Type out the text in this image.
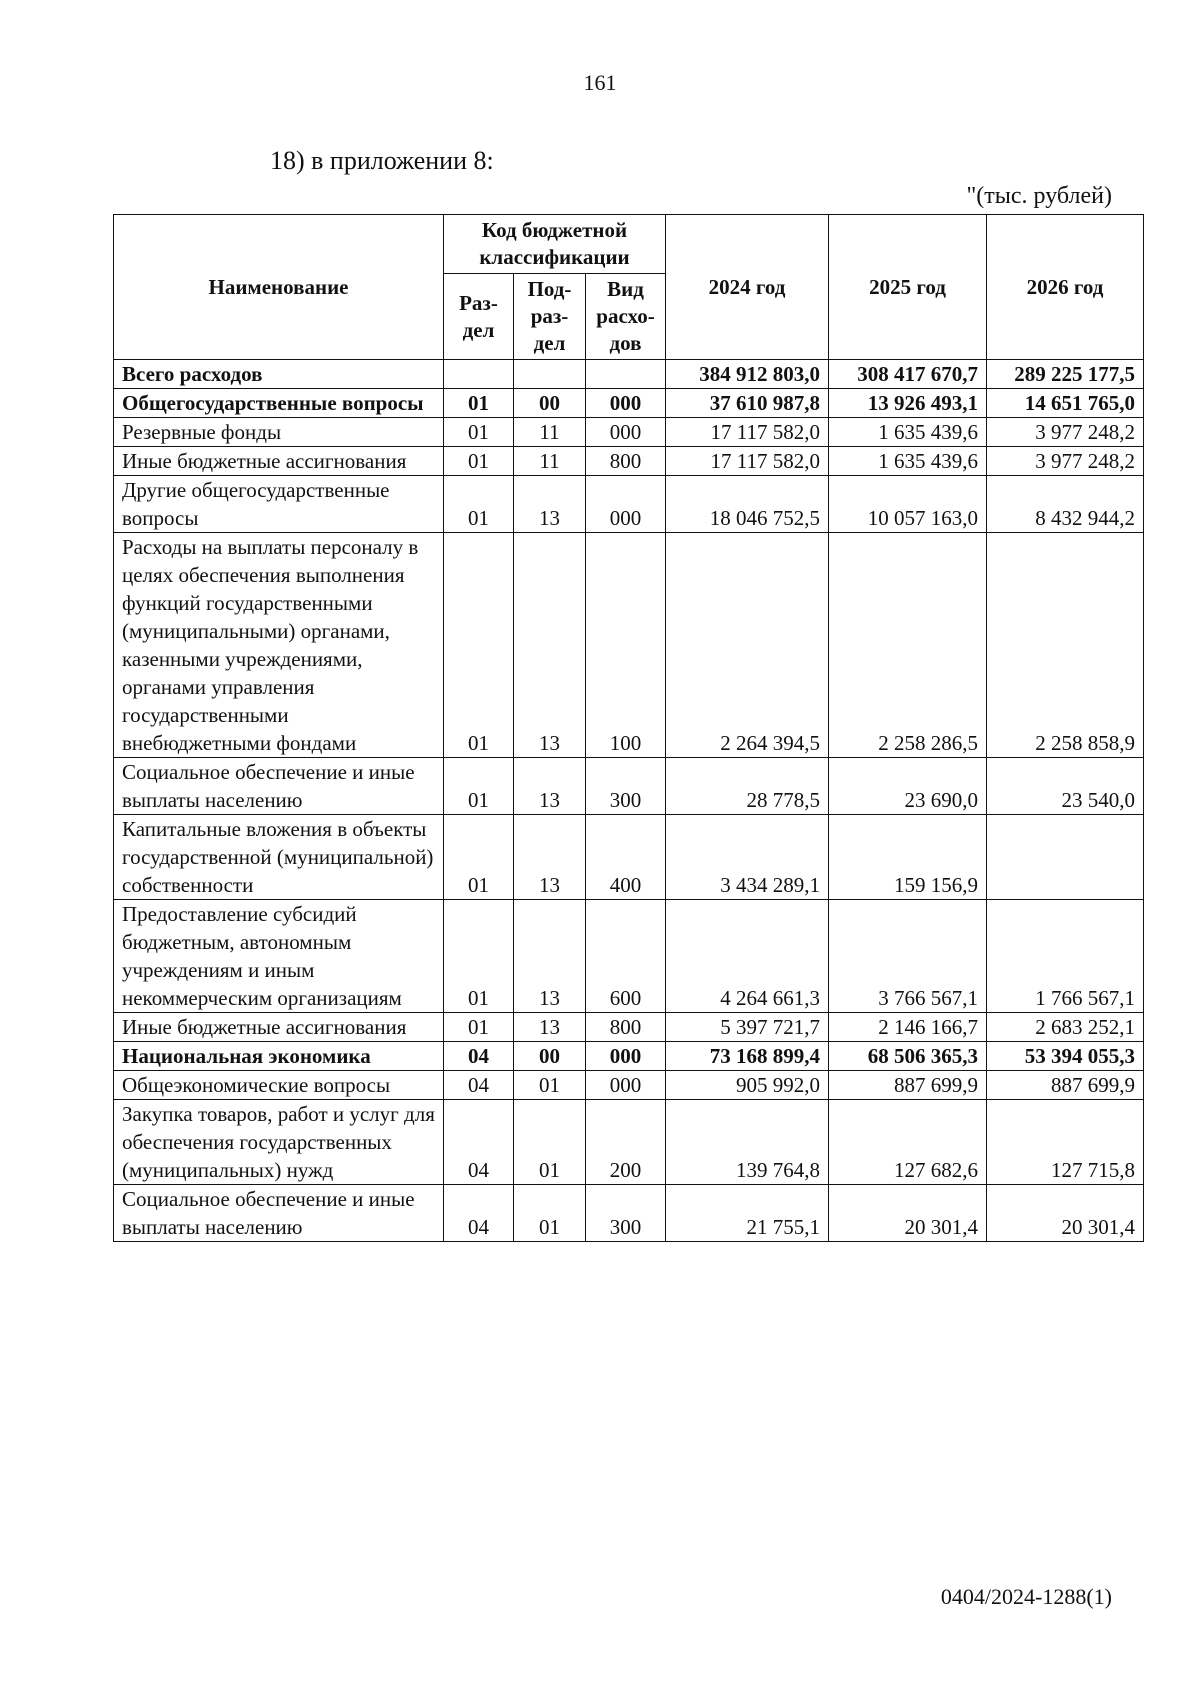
161
18) в приложении 8:
"(тыс. рублей)
Наименование	Код бюджетной классификации			2024 год	2025 год	2026 год
	Раз-дел	Под-раз-дел	Вид расхо-дов			
Всего расходов				384 912 803,0	308 417 670,7	289 225 177,5
Общегосударственные вопросы	01	00	000	37 610 987,8	13 926 493,1	14 651 765,0
Резервные фонды	01	11	000	17 117 582,0	1 635 439,6	3 977 248,2
Иные бюджетные ассигнования	01	11	800	17 117 582,0	1 635 439,6	3 977 248,2
Другие общегосударственные вопросы	01	13	000	18 046 752,5	10 057 163,0	8 432 944,2
Расходы на выплаты персоналу в целях обеспечения выполнения функций государственными (муниципальными) органами, казенными учреждениями, органами управления государственными внебюджетными фондами	01	13	100	2 264 394,5	2 258 286,5	2 258 858,9
Социальное обеспечение и иные выплаты населению	01	13	300	28 778,5	23 690,0	23 540,0
Капитальные вложения в объекты государственной (муниципальной) собственности	01	13	400	3 434 289,1	159 156,9	
Предоставление субсидий бюджетным, автономным учреждениям и иным некоммерческим организациям	01	13	600	4 264 661,3	3 766 567,1	1 766 567,1
Иные бюджетные ассигнования	01	13	800	5 397 721,7	2 146 166,7	2 683 252,1
Национальная экономика	04	00	000	73 168 899,4	68 506 365,3	53 394 055,3
Общеэкономические вопросы	04	01	000	905 992,0	887 699,9	887 699,9
Закупка товаров, работ и услуг для обеспечения государственных (муниципальных) нужд	04	01	200	139 764,8	127 682,6	127 715,8
Социальное обеспечение и иные выплаты населению	04	01	300	21 755,1	20 301,4	20 301,4
0404/2024-1288(1)
